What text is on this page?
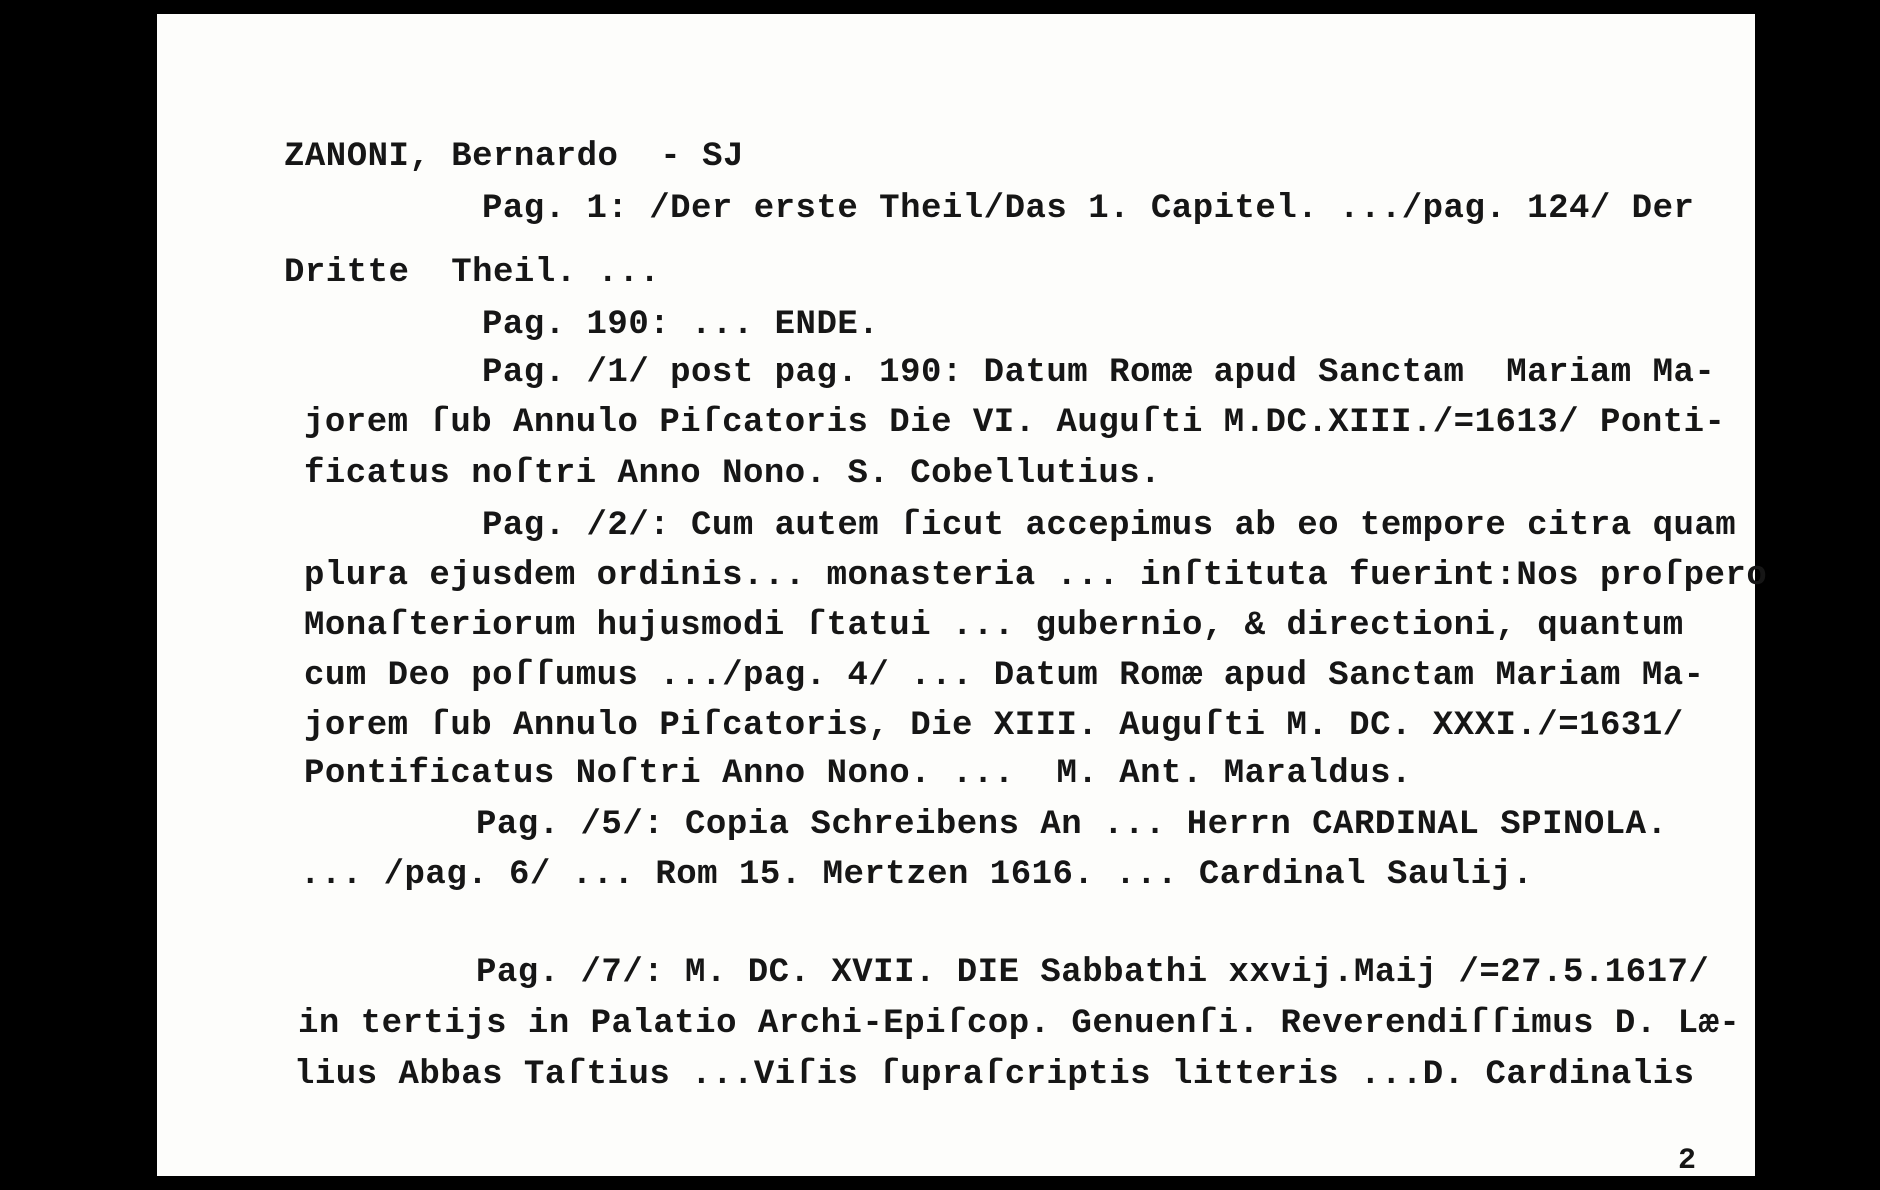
ZANONI, Bernardo  - SJ
Pag. 1: /Der erste Theil/Das 1. Capitel. .../pag. 124/ Der
Dritte  Theil. ...
Pag. 190: ... ENDE.
Pag. /1/ post pag. 190: Datum Romæ apud Sanctam  Mariam Ma-
jorem ſub Annulo Piſcatoris Die VI. Auguſti M.DC.XIII./=1613/ Ponti-
ficatus noſtri Anno Nono. S. Cobellutius.
Pag. /2/: Cum autem ſicut accepimus ab eo tempore citra quam
plura ejusdem ordinis... monasteria ... inſtituta fuerint:Nos proſpero
Monaſteriorum hujusmodi ſtatui ... gubernio, & directioni, quantum
cum Deo poſſumus .../pag. 4/ ... Datum Romæ apud Sanctam Mariam Ma-
jorem ſub Annulo Piſcatoris, Die XIII. Auguſti M. DC. XXXI./=1631/
Pontificatus Noſtri Anno Nono. ...  M. Ant. Maraldus.
Pag. /5/: Copia Schreibens An ... Herrn CARDINAL SPINOLA.
... /pag. 6/ ... Rom 15. Mertzen 1616. ... Cardinal Saulij.
Pag. /7/: M. DC. XVII. DIE Sabbathi xxvij.Maij /=27.5.1617/
in tertijs in Palatio Archi-Epiſcop. Genuenſi. Reverendiſſimus D. Læ-
lius Abbas Taſtius ...Viſis ſupraſcriptis litteris ...D. Cardinalis
2
